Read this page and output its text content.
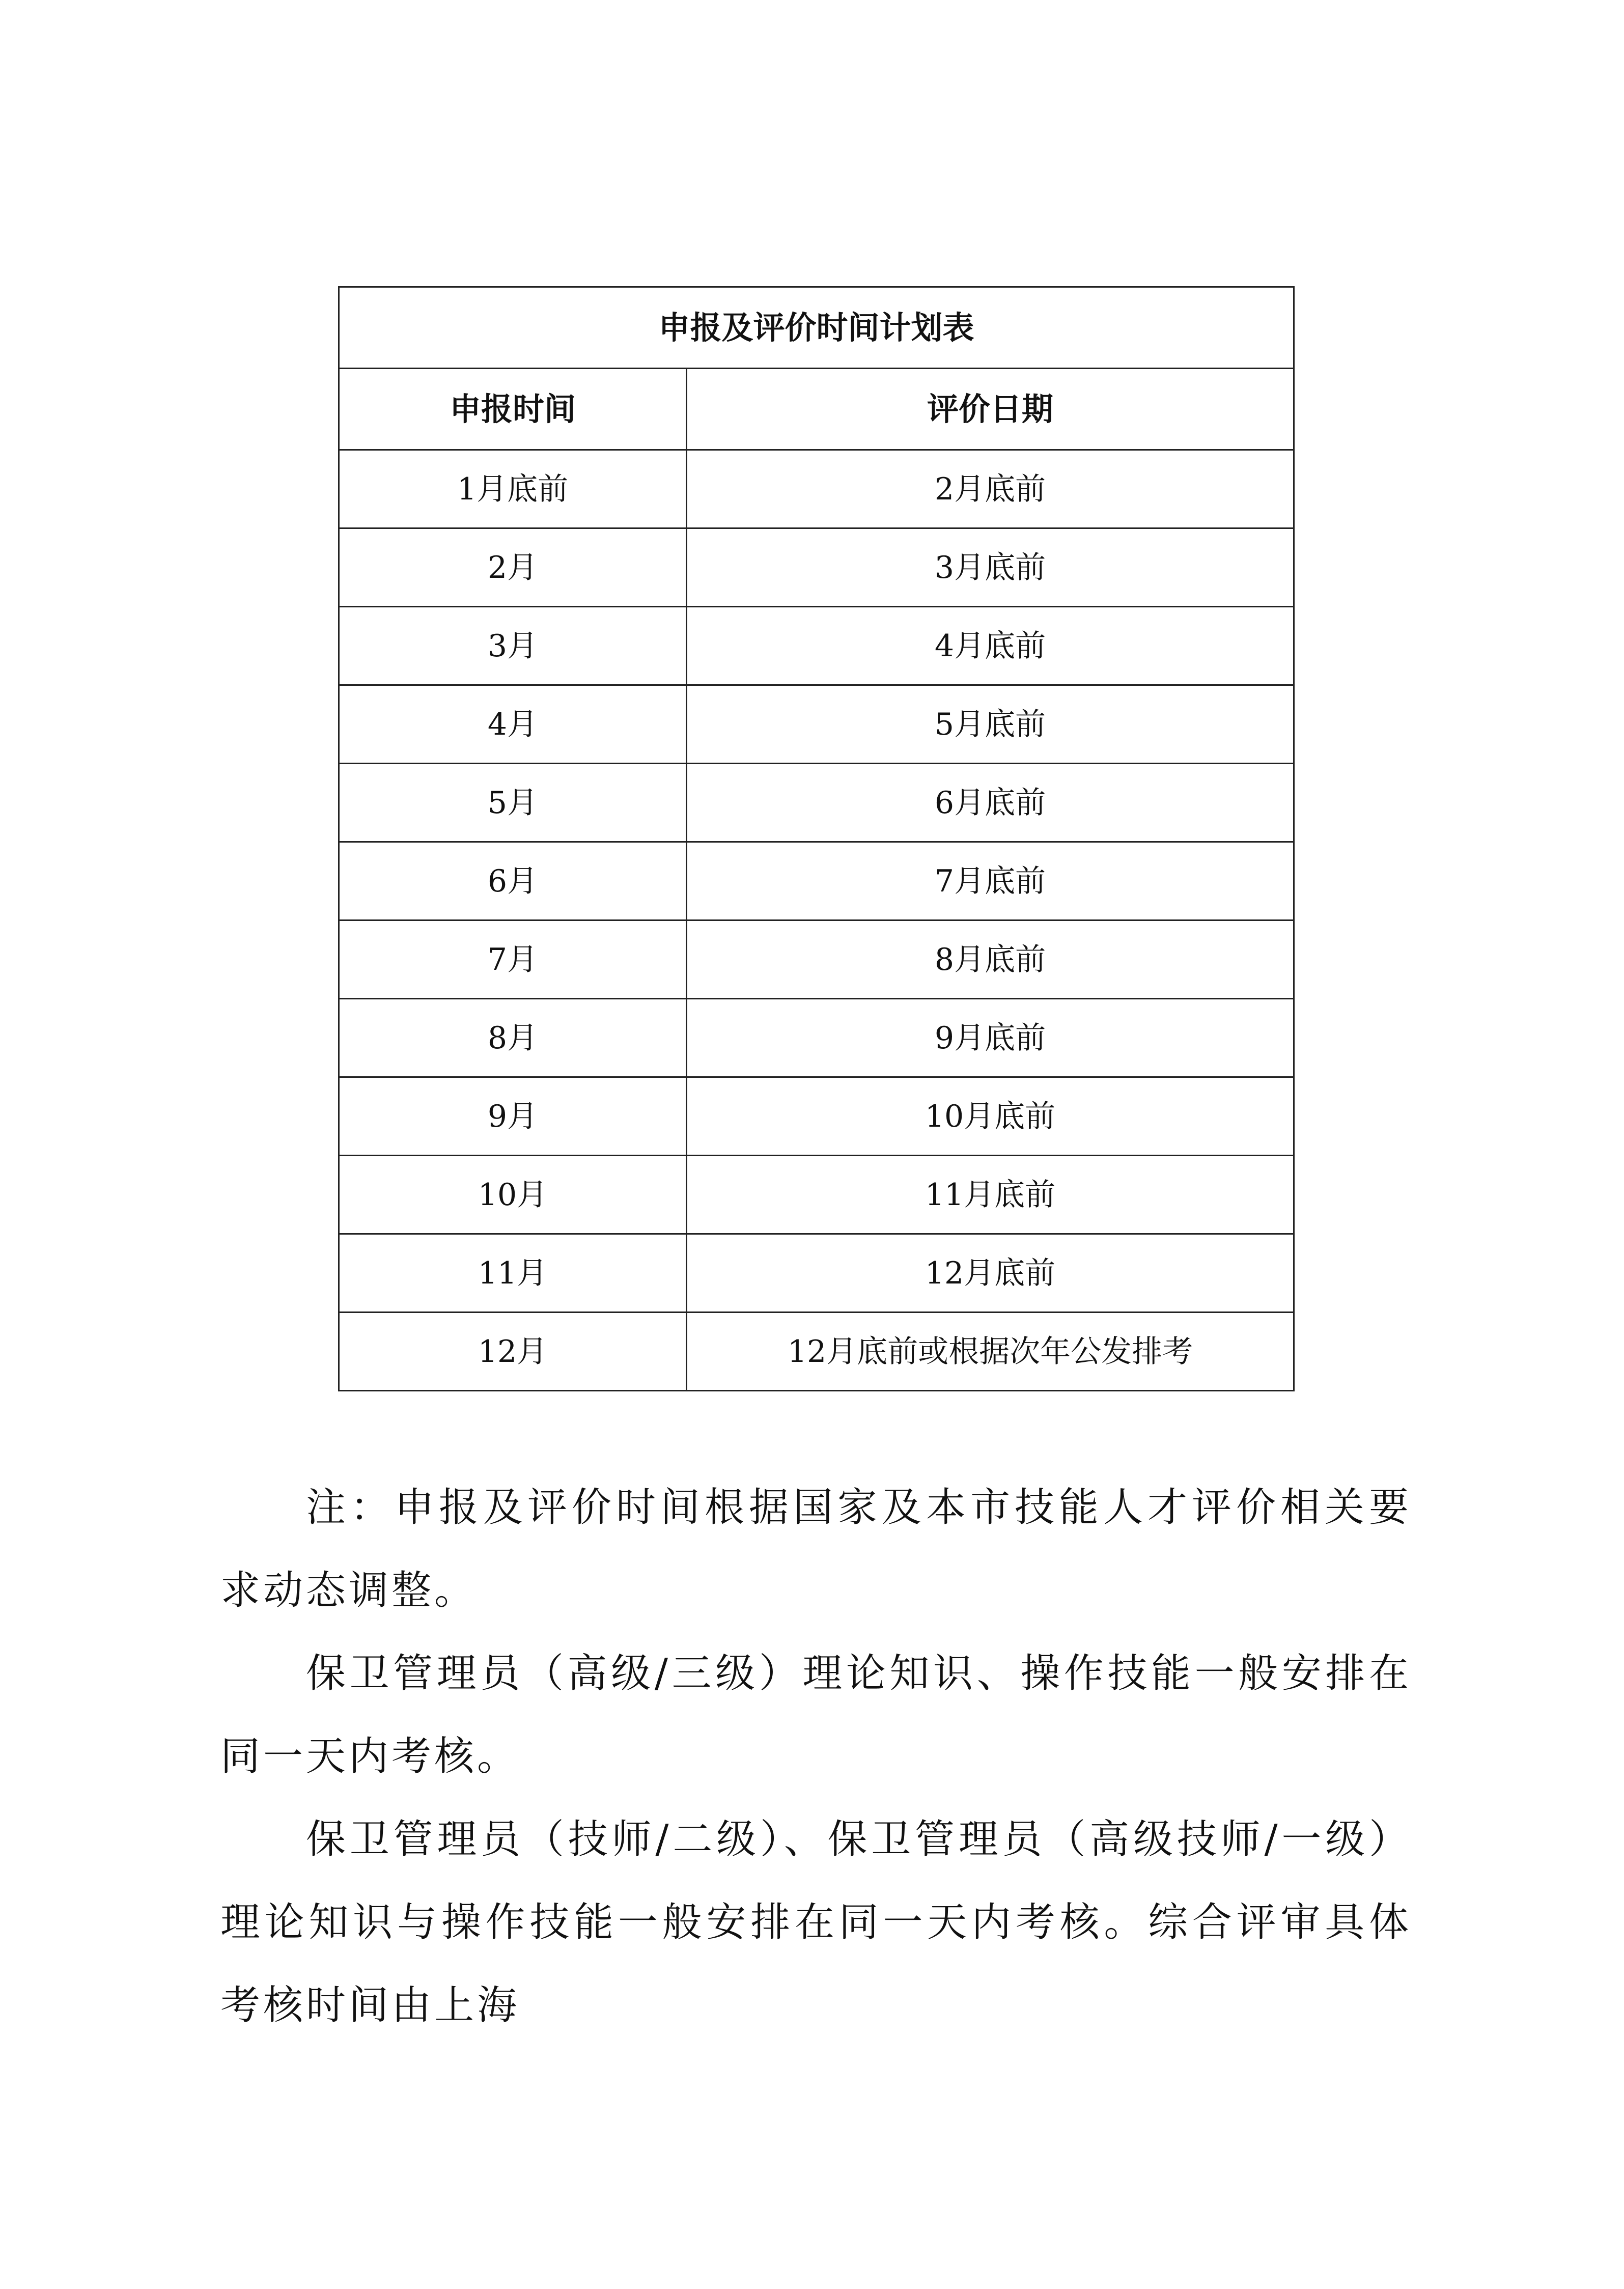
申报及评价时间计划表	
申报时间	评价日期
1月底前	2月底前
2月	3月底前
3月	4月底前
4月	5月底前
5月	6月底前
6月	7月底前
7月	8月底前
8月	9月底前
9月	10月底前
10月	11月底前
11月	12月底前
12月	12月底前或根据次年公发排考

注：申报及评价时间根据国家及本市技能人才评价相关要求动态调整。

保卫管理员（高级/三级）理论知识、操作技能一般安排在同一天内考核。

保卫管理员（技师/二级）、保卫管理员（高级技师/一级）理论知识与操作技能一般安排在同一天内考核。综合评审具体考核时间由上海
